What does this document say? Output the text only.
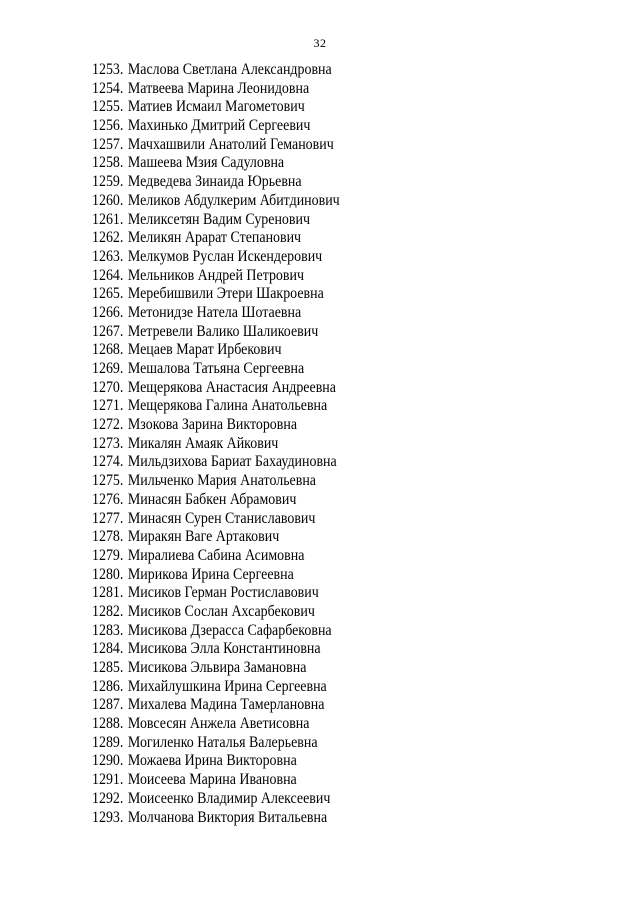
32
1253. Маслова Светлана Александровна
1254. Матвеева Марина Леонидовна
1255. Матиев Исмаил Магометович
1256. Махинько Дмитрий Сергеевич
1257. Мачхашвили Анатолий Геманович
1258. Машеева Мзия Садуловна
1259. Медведева Зинаида Юрьевна
1260. Меликов Абдулкерим Абитдинович
1261. Меликсетян Вадим Суренович
1262. Меликян Арарат Степанович
1263. Мелкумов Руслан Искендерович
1264. Мельников Андрей Петрович
1265. Меребишвили Этери Шакроевна
1266. Метонидзе Натела Шотаевна
1267. Метревели Валико Шаликоевич
1268. Мецаев Марат Ирбекович
1269. Мешалова Татьяна Сергеевна
1270. Мещерякова Анастасия Андреевна
1271. Мещерякова Галина Анатольевна
1272. Мзокова Зарина Викторовна
1273. Микалян Амаяк Айкович
1274. Мильдзихова Бариат Бахаудиновна
1275. Мильченко Мария Анатольевна
1276. Минасян Бабкен Абрамович
1277. Минасян Сурен Станиславович
1278. Миракян Ваге Артакович
1279. Миралиева Сабина Асимовна
1280. Мирикова Ирина Сергеевна
1281. Мисиков Герман Ростиславович
1282. Мисиков Сослан Ахсарбекович
1283. Мисикова Дзерасса Сафарбековна
1284. Мисикова Элла Константиновна
1285. Мисикова Эльвира Замановна
1286. Михайлушкина Ирина Сергеевна
1287. Михалева Мадина Тамерлановна
1288. Мовсесян Анжела Аветисовна
1289. Могиленко Наталья Валерьевна
1290. Можаева Ирина Викторовна
1291. Моисеева Марина Ивановна
1292. Моисеенко Владимир Алексеевич
1293. Молчанова Виктория Витальевна
